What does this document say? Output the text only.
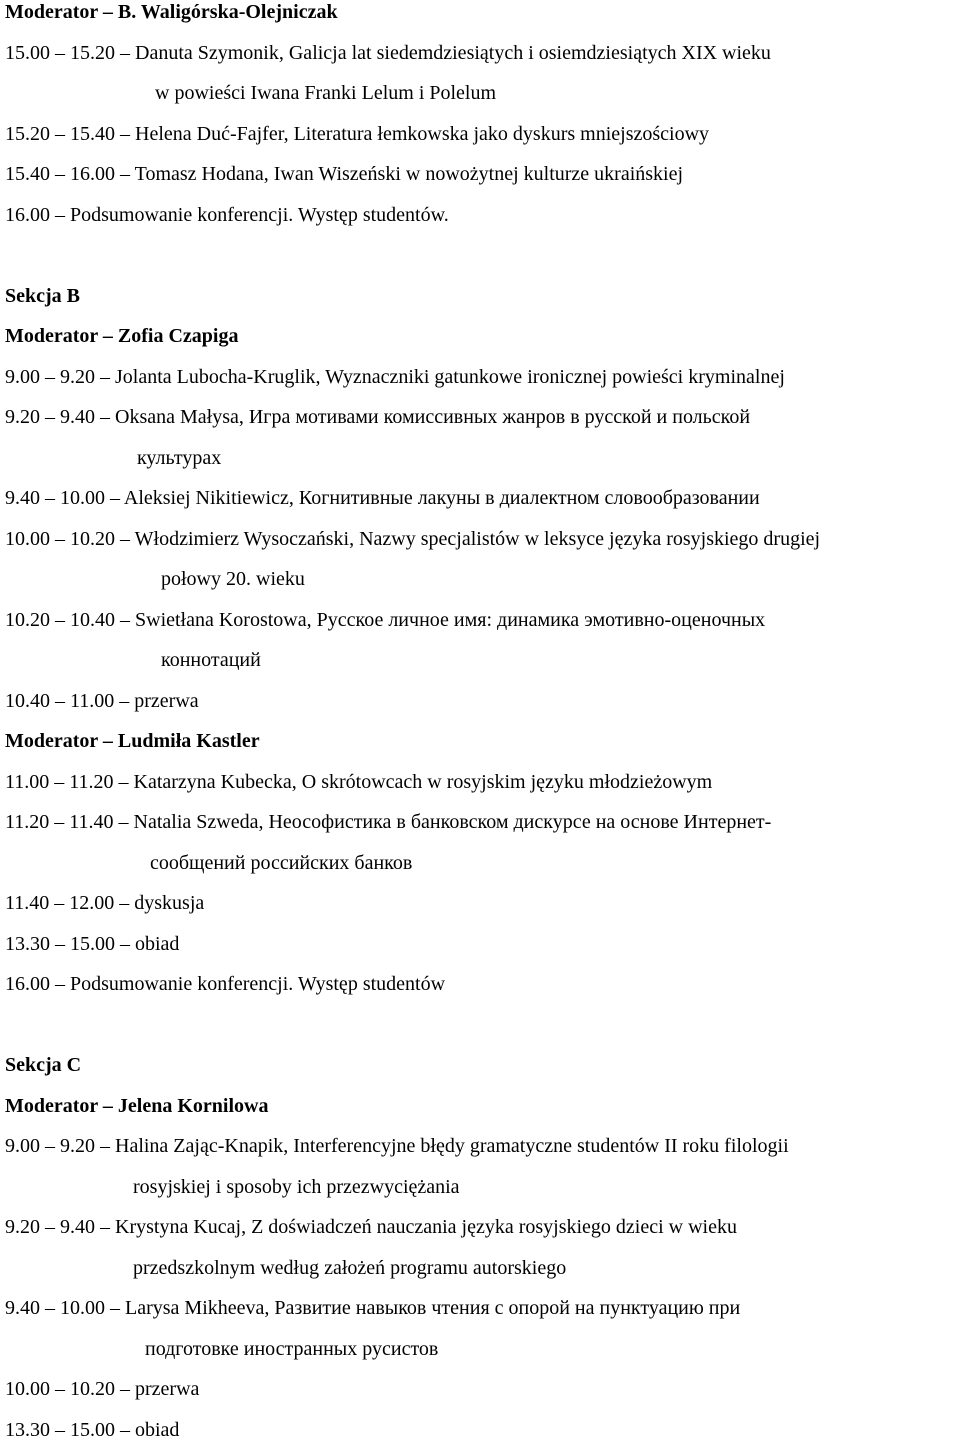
Moderator – B. Waligórska-Olejniczak
15.00 – 15.20 – Danuta Szymonik, Galicja lat siedemdziesiątych i osiemdziesiątych XIX wieku
w powieści Iwana Franki Lelum i Polelum
15.20 – 15.40 – Helena Duć-Fajfer, Literatura łemkowska jako dyskurs mniejszościowy
15.40 – 16.00 – Tomasz Hodana, Iwan Wiszeński w nowożytnej kulturze ukraińskiej
16.00 – Podsumowanie konferencji. Występ studentów.
Sekcja B
Moderator – Zofia Czapiga
9.00 – 9.20 – Jolanta Lubocha-Kruglik, Wyznaczniki gatunkowe ironicznej powieści kryminalnej
9.20 – 9.40 – Oksana Małysa, Игра мотивами комиссивных жанров в русской и польской
культурах
9.40 – 10.00 – Aleksiej Nikitiewicz, Когнитивные лакуны в диалектном словообразовании
10.00 – 10.20 – Włodzimierz Wysoczański, Nazwy specjalistów w leksyce języka rosyjskiego drugiej
połowy 20. wieku
10.20 – 10.40 – Swietłana Korostowa, Русское личное имя: динамика эмотивно-оценочных
коннотаций
10.40 – 11.00 – przerwa
Moderator – Ludmiła Kastler
11.00 – 11.20 – Katarzyna Kubecka, O skrótowcach w rosyjskim języku młodzieżowym
11.20 – 11.40 – Natalia Szweda, Неософистика в банковском дискурсе на основе Интернет-
сообщений российских банков
11.40 – 12.00 – dyskusja
13.30 – 15.00 – obiad
16.00 – Podsumowanie konferencji. Występ studentów
Sekcja C
Moderator – Jelena Kornilowa
9.00 – 9.20 – Halina Zając-Knapik, Interferencyjne błędy gramatyczne studentów II roku filologii
rosyjskiej i sposoby ich przezwyciężania
9.20 – 9.40 – Krystyna Kucaj, Z doświadczeń nauczania języka rosyjskiego dzieci w wieku
przedszkolnym według założeń programu autorskiego
9.40 – 10.00 – Larysa Mikheeva, Развитие навыков чтения с опорой на пунктуацию при
подготовке иностранных русистов
10.00 – 10.20 – przerwa
13.30 – 15.00 – obiad
